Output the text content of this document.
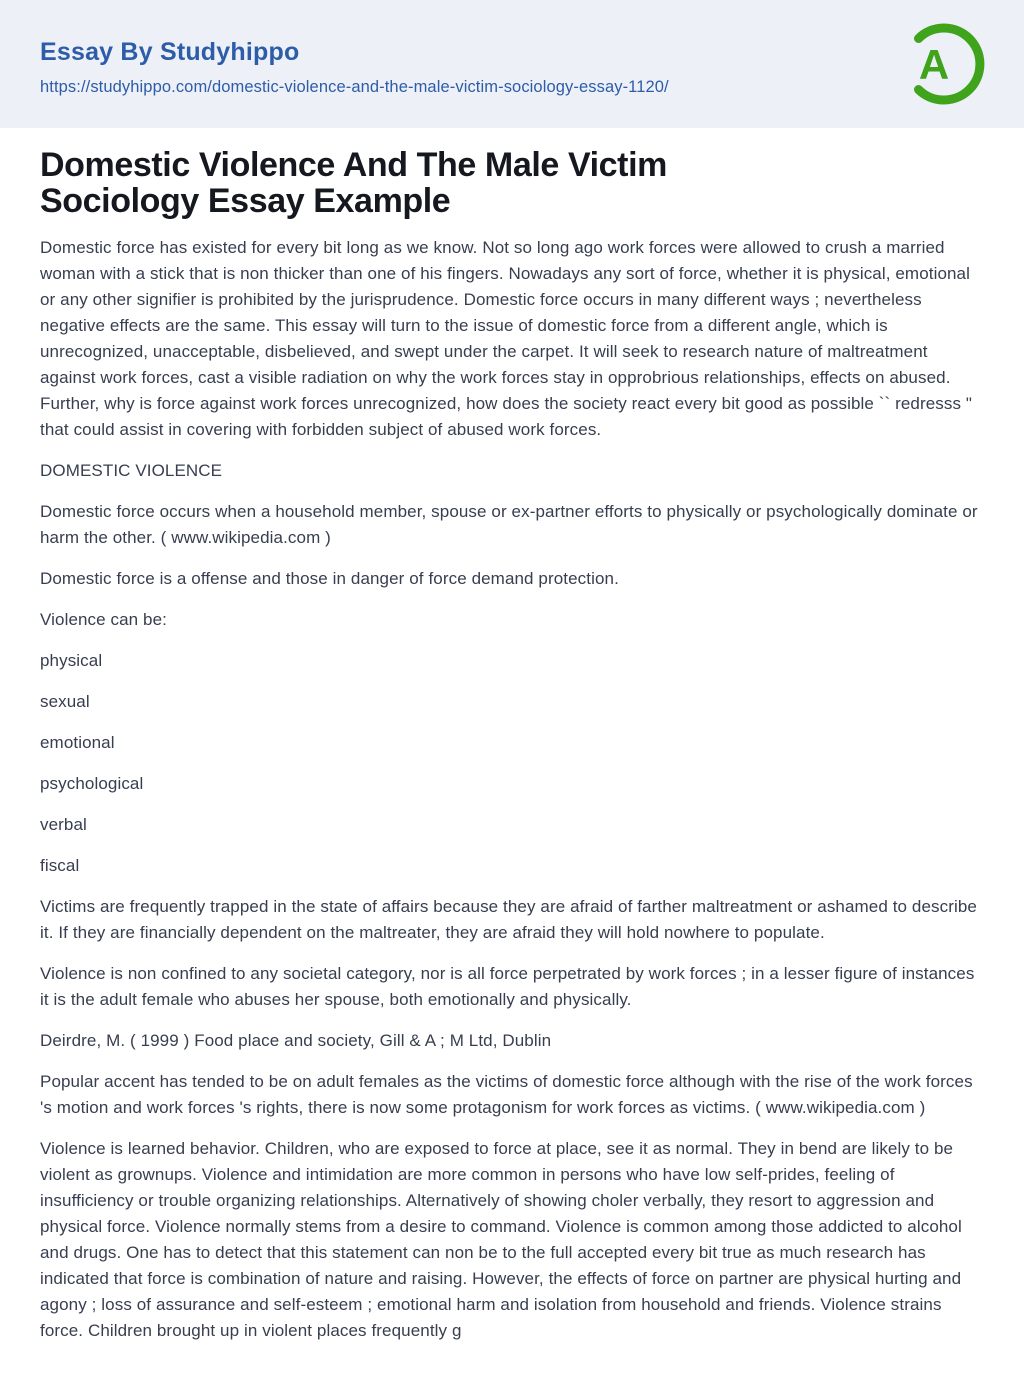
Essay By Studyhippo
https://studyhippo.com/domestic-violence-and-the-male-victim-sociology-essay-1120/	A
Domestic Violence And The Male Victim
Sociology Essay Example

Domestic force has existed for every bit long as we know. Not so long ago work forces were allowed to crush a married woman with a stick that is non thicker than one of his fingers. Nowadays any sort of force, whether it is physical, emotional or any other signifier is prohibited by the jurisprudence. Domestic force occurs in many different ways ; nevertheless negative effects are the same. This essay will turn to the issue of domestic force from a different angle, which is unrecognized, unacceptable, disbelieved, and swept under the carpet. It will seek to research nature of maltreatment against work forces, cast a visible radiation on why the work forces stay in opprobrious relationships, effects on abused. Further, why is force against work forces unrecognized, how does the society react every bit good as possible `` redresss " that could assist in covering with forbidden subject of abused work forces.

DOMESTIC VIOLENCE

Domestic force occurs when a household member, spouse or ex-partner efforts to physically or psychologically dominate or harm the other. ( www.wikipedia.com )

Domestic force is a offense and those in danger of force demand protection.

Violence can be:

physical

sexual

emotional

psychological

verbal

fiscal

Victims are frequently trapped in the state of affairs because they are afraid of farther maltreatment or ashamed to describe it. If they are financially dependent on the maltreater, they are afraid they will hold nowhere to populate.

Violence is non confined to any societal category, nor is all force perpetrated by work forces ; in a lesser figure of instances it is the adult female who abuses her spouse, both emotionally and physically.

Deirdre, M. ( 1999 ) Food place and society, Gill & A ; M Ltd, Dublin

Popular accent has tended to be on adult females as the victims of domestic force although with the rise of the work forces 's motion and work forces 's rights, there is now some protagonism for work forces as victims. ( www.wikipedia.com )

Violence is learned behavior. Children, who are exposed to force at place, see it as normal. They in bend are likely to be violent as grownups. Violence and intimidation are more common in persons who have low self-prides, feeling of insufficiency or trouble organizing relationships. Alternatively of showing choler verbally, they resort to aggression and physical force. Violence normally stems from a desire to command. Violence is common among those addicted to alcohol and drugs. One has to detect that this statement can non be to the full accepted every bit true as much research has indicated that force is combination of nature and raising. However, the effects of force on partner are physical hurting and agony ; loss of assurance and self-esteem ; emotional harm and isolation from household and friends. Violence strains force. Children brought up in violent places frequently g
